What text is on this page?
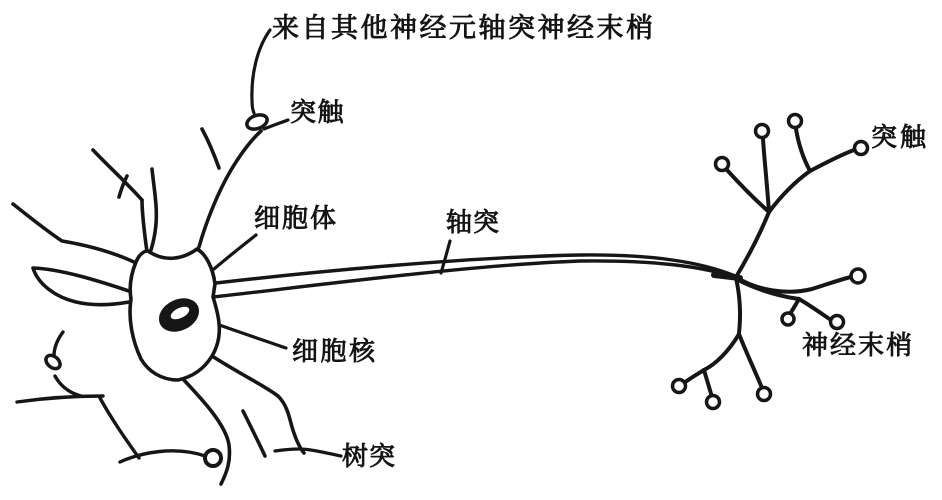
来自其他神经元轴突神经末梢
突触
细胞体	轴突
突触
细胞核	神经末梢
树突
